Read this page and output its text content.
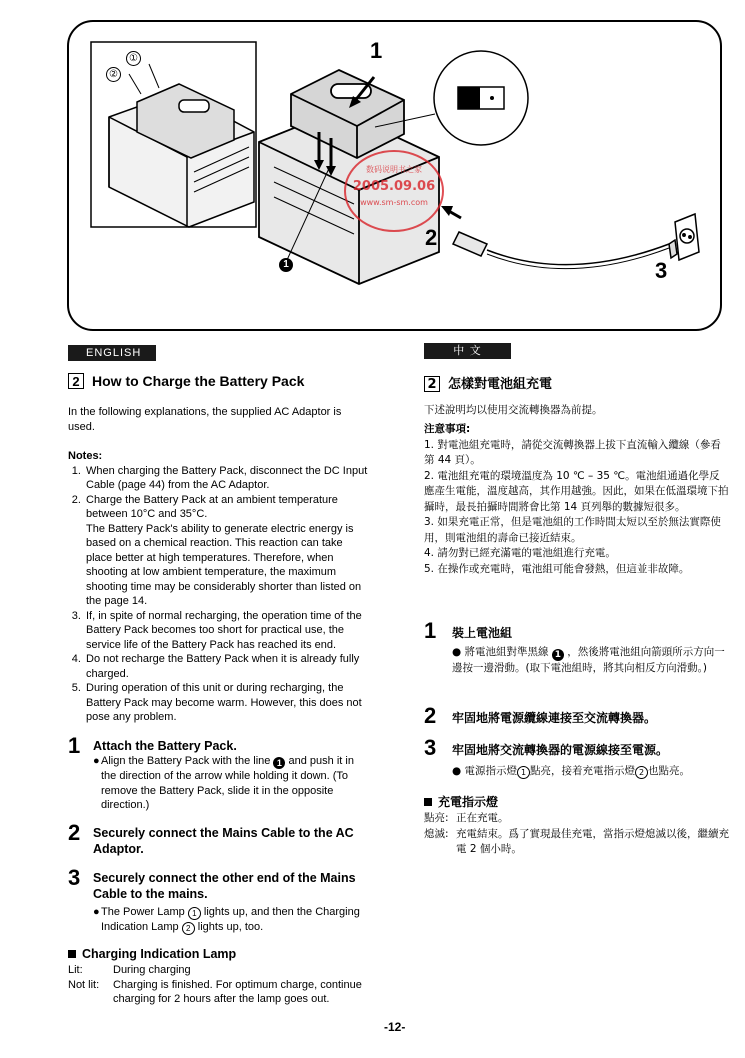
1
2
3
①
②
1
数码说明书之家
2005.09.06
www.sm-sm.com
ENGLISH
2 How to Charge the Battery Pack
In the following explanations, the supplied AC Adaptor is used.
Notes:
1. When charging the Battery Pack, disconnect the DC Input Cable (page 44) from the AC Adaptor.
2. Charge the Battery Pack at an ambient temperature between 10°C and 35°C.
The Battery Pack's ability to generate electric energy is based on a chemical reaction. This reaction can take place better at high temperatures. Therefore, when shooting at low ambient temperature, the maximum shooting time may be considerably shorter than listed on the page 14.
3. If, in spite of normal recharging, the operation time of the Battery Pack becomes too short for practical use, the service life of the Battery Pack has reached its end.
4. Do not recharge the Battery Pack when it is already fully charged.
5. During operation of this unit or during recharging, the Battery Pack may become warm. However, this does not pose any problem.
1 Attach the Battery Pack.
● Align the Battery Pack with the line 1 and push it in the direction of the arrow while holding it down. (To remove the Battery Pack, slide it in the opposite direction.)
2 Securely connect the Mains Cable to the AC Adaptor.
3 Securely connect the other end of the Mains Cable to the mains.
● The Power Lamp 1 lights up, and then the Charging Indication Lamp 2 lights up, too.
Charging Indication Lamp
Lit:	During charging
Not lit:	Charging is finished. For optimum charge, continue charging for 2 hours after the lamp goes out.
中 文
2 怎樣對電池組充電
下述說明均以使用交流轉換器為前提。
注意事項:
1. 對電池組充電時，請從交流轉換器上拔下直流輸入纜線（參看第 44 頁）。
2. 電池組充電的環境溫度為 10 ℃ – 35 ℃。電池組通過化學反應產生電能，溫度越高，其作用越強。因此，如果在低溫環境下拍攝時，最長拍攝時間將會比第 14 頁列舉的數據短很多。
3. 如果充電正常，但是電池組的工作時間太短以至於無法實際使用，則電池組的壽命已接近結束。
4. 請勿對已經充滿電的電池組進行充電。
5. 在操作或充電時，電池組可能會發熱，但這並非故障。
1 裝上電池組
● 將電池組對準黑線 1 ，然後將電池組向箭頭所示方向一邊按一邊滑動。(取下電池組時，將其向相反方向滑動。)
2 牢固地將電源纜線連接至交流轉換器。
3 牢固地將交流轉換器的電源線接至電源。
● 電源指示燈 1 點亮，接着充電指示燈 2 也點亮。
充電指示燈
點亮: 正在充電。
熄滅: 充電結束。爲了實現最佳充電，當指示燈熄滅以後，繼續充電 2 個小時。
-12-
